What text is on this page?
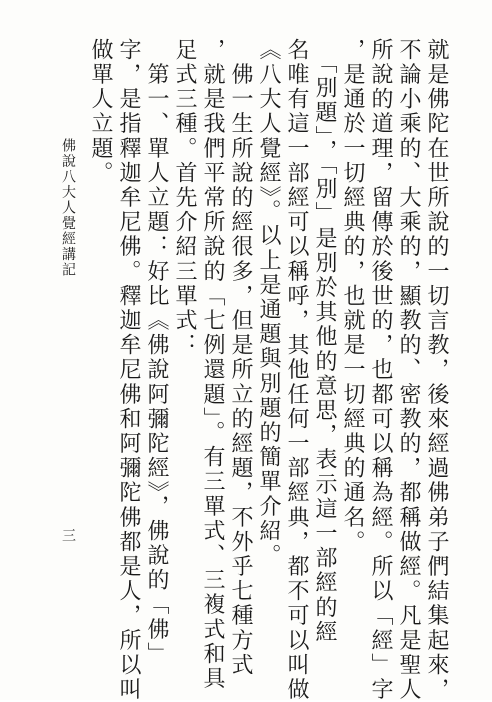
就是佛陀在世所說的一切言教，後來經過佛弟子們結集起來，
不論小乘的、大乘的，顯教的、密教的，都稱做經。凡是聖人
所說的道理，留傳於後世的，也都可以稱為經。所以「經」字
，是通於一切經典的，也就是一切經典的通名。
　「別題」，「別」是別於其他的意思，表示這一部經的經
名唯有這一部經可以稱呼，其他任何一部經典，都不可以叫做
《八大人覺經》。以上是通題與別題的簡單介紹。
　佛一生所說的經很多，但是所立的經題，不外乎七種方式
，就是我們平常所說的「七例還題」。有三單式、三複式和具
足式三種。首先介紹三單式：
　第一、單人立題：好比《佛說阿彌陀經》，佛說的「佛」
字，是指釋迦牟尼佛。釋迦牟尼佛和阿彌陀佛都是人，所以叫
做單人立題。
佛說八大人覺經講記
三
